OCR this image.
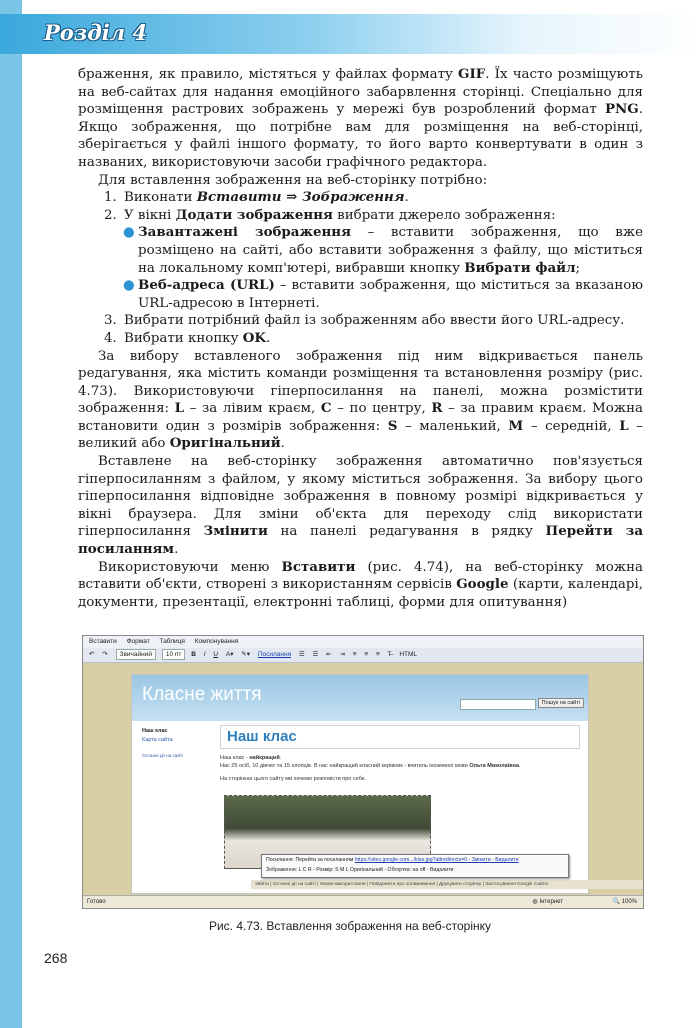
Розділ 4

браження, як правило, містяться у файлах формату GIF. Їх часто розміщують на веб-сайтах для надання емоційного забарвлення сторінці. Спеціально для розміщення растрових зображень у мережі був розроблений формат PNG. Якщо зображення, що потрібне вам для розміщення на веб-сторінці, зберігається у файлі іншого формату, то його варто конвертувати в один з названих, використовуючи засоби графічного редактора.

Для вставлення зображення на веб-сторінку потрібно:

1. Виконати Вставити ⇒ Зображення.
2. У вікні Додати зображення вибрати джерело зображення:
● Завантажені зображення – вставити зображення, що вже розміщено на сайті, або вставити зображення з файлу, що міститься на локальному комп'ютері, вибравши кнопку Вибрати файл;
● Веб-адреса (URL) – вставити зображення, що міститься за вказаною URL-адресою в Інтернеті.
3. Вибрати потрібний файл із зображенням або ввести його URL-адресу.
4. Вибрати кнопку OK.

За вибору вставленого зображення під ним відкривається панель редагування, яка містить команди розміщення та встановлення розміру (рис. 4.73). Використовуючи гіперпосилання на панелі, можна розмістити зображення: L – за лівим краєм, C – по центру, R – за правим краєм. Можна встановити один з розмірів зображення: S – маленький, M – середній, L – великий або Оригінальний.

Вставлене на веб-сторінку зображення автоматично пов'язується гіперпосиланням з файлом, у якому міститься зображення. За вибору цього гіперпосилання відповідне зображення в повному розмірі відкривається у вікні браузера. Для зміни об'єкта для переходу слід використати гіперпосилання Змінити на панелі редагування в рядку Перейти за посиланням.

Використовуючи меню Вставити (рис. 4.74), на веб-сторінку можна вставити об'єкти, створені з використанням сервісів Google (карти, календарі, документи, презентації, електронні таблиці, форми для опитування)

Вставити Формат Таблиця Компонування
↶ ↷ Звичайний 10 пт B I U A▾ ✎▾ Посилання ☰ ☰ ⇤ ⇥ ≡ ≡ ≡ T̶ HTML
Класне життя	Пошук на сайті
Наш клас
Карта сайта
Останні дії на сайті
Наш клас
Наш клас - найкращий.
Нас 25 осіб, 10 дівчат та 15 хлопців. В нас найкращий класний керівник - вчитель іноземної мови Ольга Миколаївна.
На сторінках цього сайту ми хочемо розповісти про себе.
Увійти | Останні дії на сайті | Умови використання | Повідомити про зловживання | Друкувати сторінку | Застосування Google Сайти
Посилання: Перейти за посиланням https://sites.google.com.../klas.jpg?attredirects=0 - Змінити - Видалити
Зображення: L C R - Розмір: S M L Оригінальний - Обгортка: на off - Видалити
Готово	◍ Інтернет	🔍 100%
Рис. 4.73. Вставлення зображення на веб-сторінку
268
